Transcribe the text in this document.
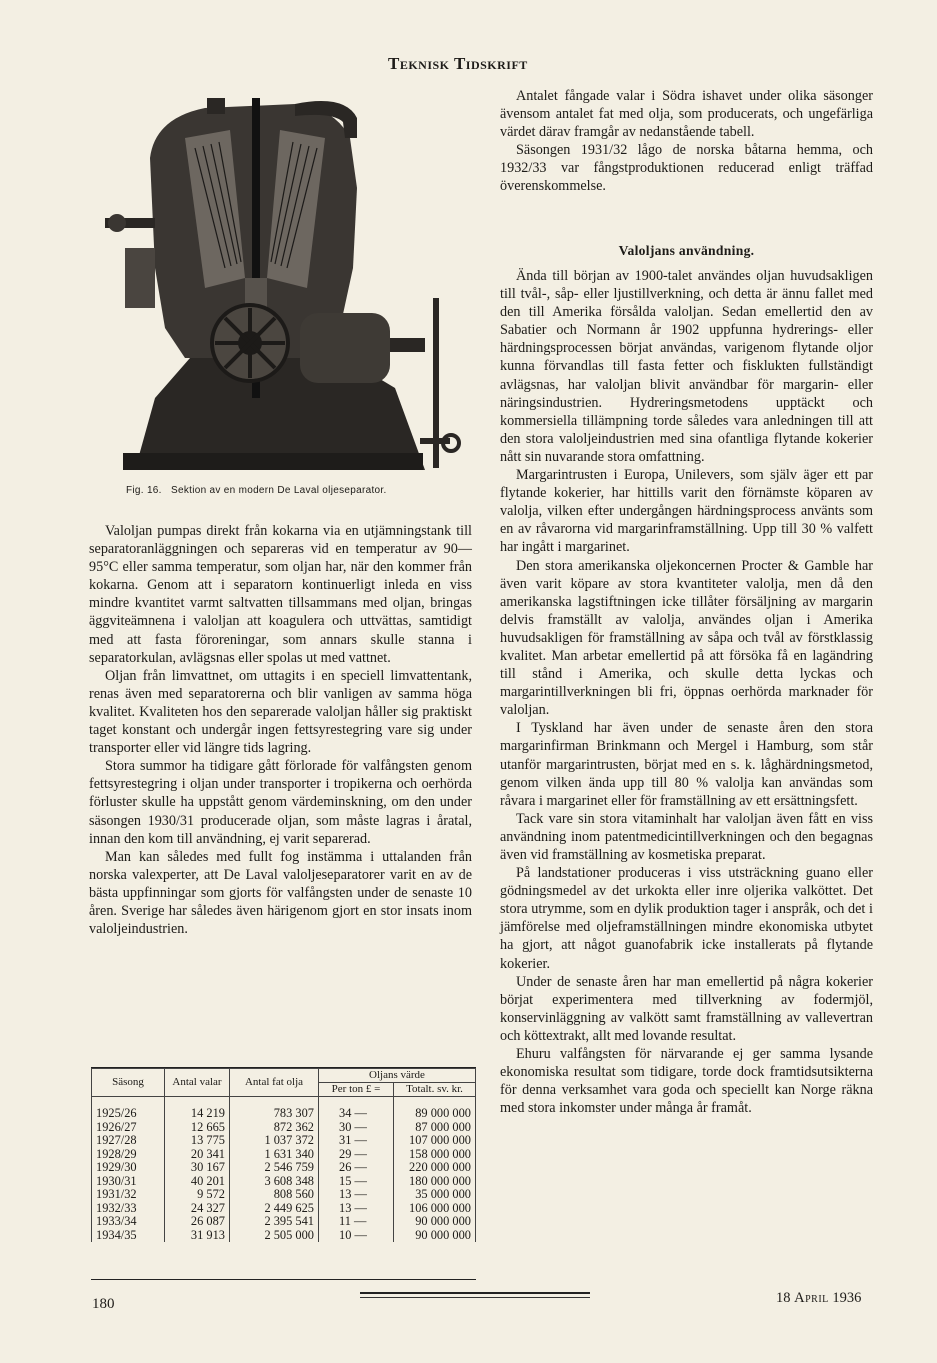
Teknisk Tidskrift
Fig. 16. Sektion av en modern De Laval oljeseparator.

Valoljan pumpas direkt från kokarna via en utjämningstank till separatoranläggningen och separeras vid en temperatur av 90—95°C eller samma temperatur, som oljan har, när den kommer från kokarna. Genom att i separatorn kontinuerligt inleda en viss mindre kvantitet varmt saltvatten tillsammans med oljan, bringas äggviteämnena i valoljan att koagulera och uttvättas, samtidigt med att fasta föroreningar, som annars skulle stanna i separatorkulan, avlägsnas eller spolas ut med vattnet.

Oljan från limvattnet, om uttagits i en speciell limvattentank, renas även med separatorerna och blir vanligen av samma höga kvalitet. Kvaliteten hos den separerade valoljan håller sig praktiskt taget konstant och undergår ingen fettsyrestegring vare sig under transporter eller vid längre tids lagring.

Stora summor ha tidigare gått förlorade för valfångsten genom fettsyrestegring i oljan under transporter i tropikerna och oerhörda förluster skulle ha uppstått genom värdeminskning, om den under säsongen 1930/31 producerade oljan, som måste lagras i åratal, innan den kom till användning, ej varit separerad.

Man kan således med fullt fog instämma i uttalanden från norska valexperter, att De Laval valoljeseparatorer varit en av de bästa uppfinningar som gjorts för valfångsten under de senaste 10 åren. Sverige har således även härigenom gjort en stor insats inom valoljeindustrien.

Säsong	Antal valar	Antal fat olja	Oljans värde	
			Per ton £ =	Totalt. sv. kr.

1925/26	14 219	783 307	34 —	89 000 000
1926/27	12 665	872 362	30 —	87 000 000
1927/28	13 775	1 037 372	31 —	107 000 000
1928/29	20 341	1 631 340	29 —	158 000 000
1929/30	30 167	2 546 759	26 —	220 000 000
1930/31	40 201	3 608 348	15 —	180 000 000
1931/32	9 572	808 560	13 —	35 000 000
1932/33	24 327	2 449 625	13 —	106 000 000
1933/34	26 087	2 395 541	11 —	90 000 000
1934/35	31 913	2 505 000	10 —	90 000 000

Antalet fångade valar i Södra ishavet under olika säsonger ävensom antalet fat med olja, som producerats, och ungefärliga värdet därav framgår av nedanstående tabell.

Säsongen 1931/32 lågo de norska båtarna hemma, och 1932/33 var fångstproduktionen reducerad enligt träffad överenskommelse.

Valoljans användning.

Ända till början av 1900-talet användes oljan huvudsakligen till tvål-, såp- eller ljustillverkning, och detta är ännu fallet med den till Amerika försålda valoljan. Sedan emellertid den av Sabatier och Normann år 1902 uppfunna hydrerings- eller härdningsprocessen börjat användas, varigenom flytande oljor kunna förvandlas till fasta fetter och fisklukten fullständigt avlägsnas, har valoljan blivit användbar för margarin- eller näringsindustrien. Hydreringsmetodens upptäckt och kommersiella tillämpning torde således vara anledningen till att den stora valoljeindustrien med sina ofantliga flytande kokerier nått sin nuvarande stora omfattning.

Margarintrusten i Europa, Unilevers, som själv äger ett par flytande kokerier, har hittills varit den förnämste köparen av valolja, vilken efter undergången härdningsprocess använts som en av råvarorna vid margarinframställning. Upp till 30 % valfett har ingått i margarinet.

Den stora amerikanska oljekoncernen Procter & Gamble har även varit köpare av stora kvantiteter valolja, men då den amerikanska lagstiftningen icke tillåter försäljning av margarin delvis framställt av valolja, användes oljan i Amerika huvudsakligen för framställning av såpa och tvål av förstklassig kvalitet. Man arbetar emellertid på att försöka få en lagändring till stånd i Amerika, och skulle detta lyckas och margarintillverkningen bli fri, öppnas oerhörda marknader för valoljan.

I Tyskland har även under de senaste åren den stora margarinfirman Brinkmann och Mergel i Hamburg, som står utanför margarintrusten, börjat med en s. k. låghärdningsmetod, genom vilken ända upp till 80 % valolja kan användas som råvara i margarinet eller för framställning av ett ersättningsfett.

Tack vare sin stora vitaminhalt har valoljan även fått en viss användning inom patentmedicintillverkningen och den begagnas även vid framställning av kosmetiska preparat.

På landstationer produceras i viss utsträckning guano eller gödningsmedel av det urkokta eller inre oljerika valköttet. Det stora utrymme, som en dylik produktion tager i anspråk, och det i jämförelse med oljeframställningen mindre ekonomiska utbytet ha gjort, att något guanofabrik icke installerats på flytande kokerier.

Under de senaste åren har man emellertid på några kokerier börjat experimentera med tillverkning av fodermjöl, konservinläggning av valkött samt framställning av vallevertran och köttextrakt, allt med lovande resultat.

Ehuru valfångsten för närvarande ej ger samma lysande ekonomiska resultat som tidigare, torde dock framtidsutsikterna för denna verksamhet vara goda och speciellt kan Norge räkna med stora inkomster under många år framåt.

180	18 April 1936
